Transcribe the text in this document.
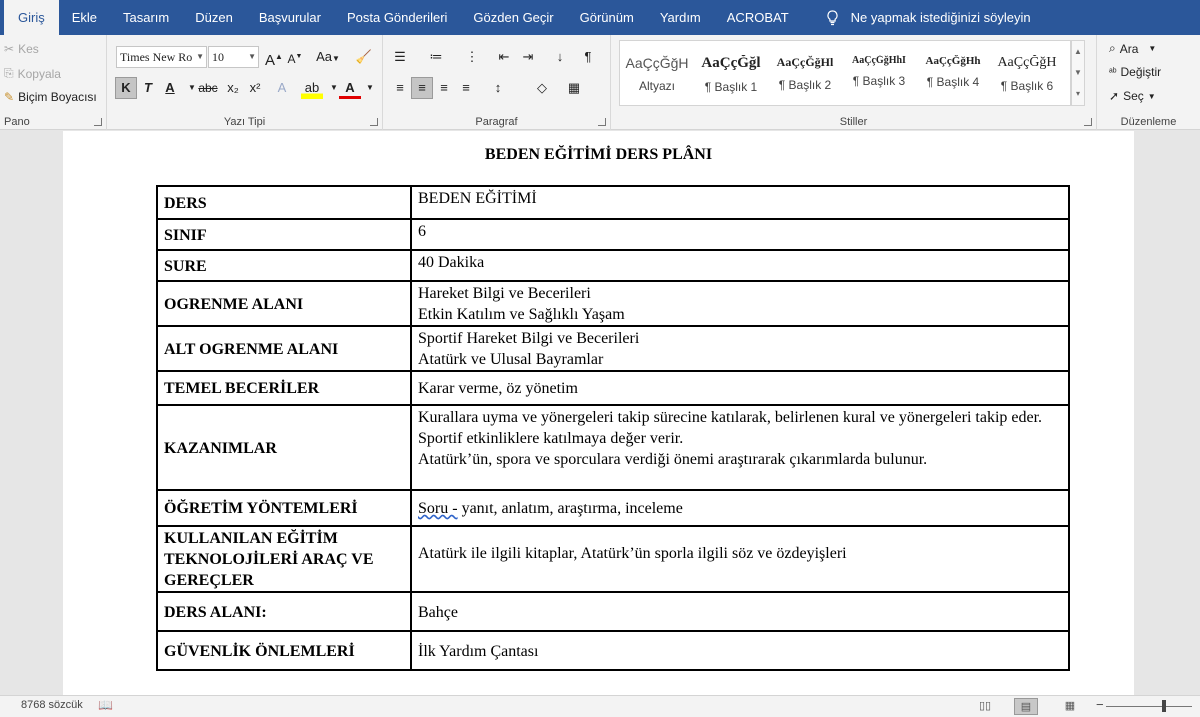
Giriş	Ekle	Tasarım	Düzen	Başvurular	Posta Gönderileri	Gözden Geçir	Görünüm	Yardım	ACROBAT	Ne yapmak istediğinizi söyleyin
✂ Kes
⎘ Kopyala
✎ Biçim Boyacısı
Pano
Times New Ro ▼ 10	▼ A▲ A▼	Aa▼	🧹
K	T	A	▼ abc x₂ x²	A	ab	▼ A	▼
Yazı Tipi
☰	≔	⋮	⇤	⇥	↓	¶
≡	≡	≡	≡	↕	◇	▦
Paragraf	Stiller
AaÇçĞğH
Altyazı
AaÇçĞğl
¶ Başlık 1
AaÇçĞğHl
¶ Başlık 2
AaÇçĞğHhI
¶ Başlık 3
AaÇçĞğHh
¶ Başlık 4
AaÇçĞğH
¶ Başlık 6
▲
▼
▾
⌕ Ara ▼
ᵃᵇ Değiştir
➚ Seç ▼
Düzenleme
BEDEN EĞİTİMİ DERS PLÂNI
DERS	BEDEN EĞİTİMİ

SINIF	6

SURE	40 Dakika

OGRENME ALANI	Hareket Bilgi ve Becerileri
Etkin Katılım ve Sağlıklı Yaşam

ALT OGRENME ALANI	Sportif Hareket Bilgi ve Becerileri
Atatürk ve Ulusal Bayramlar

TEMEL BECERİLER	Karar verme, öz yönetim

KAZANIMLAR	Kurallara uyma ve yönergeleri takip sürecine katılarak, belirlenen kural ve yönergeleri takip eder.
Sportif etkinliklere katılmaya değer verir.
Atatürk’ün, spora ve sporculara verdiği önemi araştırarak çıkarımlarda bulunur.

ÖĞRETİM YÖNTEMLERİ	Soru - yanıt, anlatım, araştırma, inceleme

KULLANILAN EĞİTİM TEKNOLOJİLERİ ARAÇ VE GEREÇLER	Atatürk ile ilgili kitaplar, Atatürk’ün sporla ilgili söz ve özdeyişleri

DERS ALANI:	Bahçe

GÜVENLİK ÖNLEMLERİ	İlk Yardım Çantası
8768 sözcük 📖	▯▯	▤	▦	−
